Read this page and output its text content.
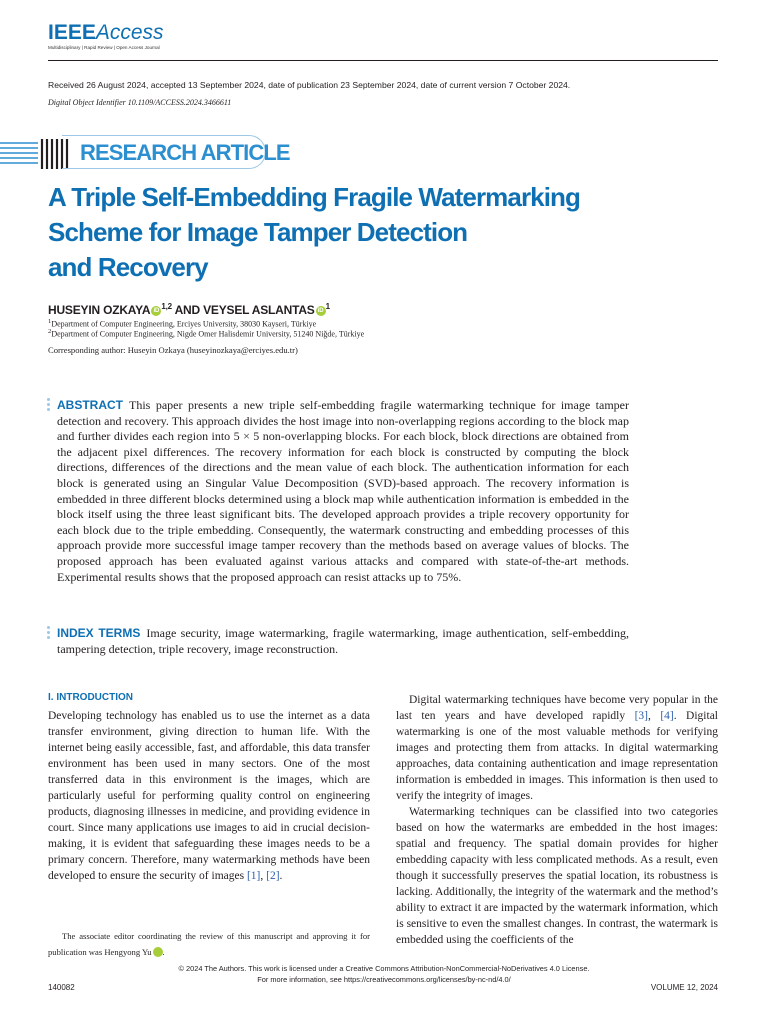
IEEEAccess
Multidisciplinary | Rapid Review | Open Access Journal
Received 26 August 2024, accepted 13 September 2024, date of publication 23 September 2024, date of current version 7 October 2024.
Digital Object Identifier 10.1109/ACCESS.2024.3466611
RESEARCH ARTICLE
A Triple Self-Embedding Fragile Watermarking
Scheme for Image Tamper Detection
and Recovery
HUSEYIN OZKAYA iD $^{1,2}$ AND VEYSEL ASLANTAS iD $^1$
$^1$Department of Computer Engineering, Erciyes University, 38030 Kayseri, Türkiye
$^2$Department of Computer Engineering, Nigde Omer Halisdemir University, 51240 Niğde, Türkiye
Corresponding author: Huseyin Ozkaya (huseyinozkaya@erciyes.edu.tr)
ABSTRACT This paper presents a new triple self-embedding fragile watermarking technique for image tamper detection and recovery. This approach divides the host image into non-overlapping regions according to the block map and further divides each region into 5 × 5 non-overlapping blocks. For each block, block directions are obtained from the adjacent pixel differences. The recovery information for each block is constructed by computing the block directions, differences of the directions and the mean value of each block. The authentication information for each block is generated using an Singular Value Decomposition (SVD)-based approach. The recovery information is embedded in three different blocks determined using a block map while authentication information is embedded in the block itself using the three least significant bits. The developed approach provides a triple recovery opportunity for each block due to the triple embedding. Consequently, the watermark constructing and embedding processes of this approach provide more successful image tamper recovery than the methods based on average values of blocks. The proposed approach has been evaluated against various attacks and compared with state-of-the-art methods. Experimental results shows that the proposed approach can resist attacks up to 75%.
INDEX TERMS Image security, image watermarking, fragile watermarking, image authentication, self-embedding, tampering detection, triple recovery, image reconstruction.
I. INTRODUCTION
Developing technology has enabled us to use the internet as a data transfer environment, giving direction to human life. With the internet being easily accessible, fast, and affordable, this data transfer environment has been used in many sectors. One of the most transferred data in this environment is the images, which are particularly useful for performing quality control on engineering products, diagnosing illnesses in medicine, and providing evidence in court. Since many applications use images to aid in crucial decision-making, it is evident that safeguarding these images needs to be a primary concern. Therefore, many watermarking methods have been developed to ensure the security of images [1], [2].
The associate editor coordinating the review of this manuscript and approving it for publication was Hengyong Yu	iD.

Digital watermarking techniques have become very popular in the last ten years and have developed rapidly [3], [4]. Digital watermarking is one of the most valuable methods for verifying images and protecting them from attacks. In digital watermarking approaches, data containing authentication and image representation information is embedded in images. This information is then used to verify the integrity of images.

Watermarking techniques can be classified into two categories based on how the watermarks are embedded in the host images: spatial and frequency. The spatial domain provides for higher embedding capacity with less complicated methods. As a result, even though it successfully preserves the spatial location, its robustness is lacking. Additionally, the integrity of the watermark and the method’s ability to extract it are impacted by the watermark information, which is sensitive to even the smallest changes. In contrast, the watermark is embedded using the coefficients of the

© 2024 The Authors. This work is licensed under a Creative Commons Attribution-NonCommercial-NoDerivatives 4.0 License.
For more information, see https://creativecommons.org/licenses/by-nc-nd/4.0/
140082	VOLUME 12, 2024
